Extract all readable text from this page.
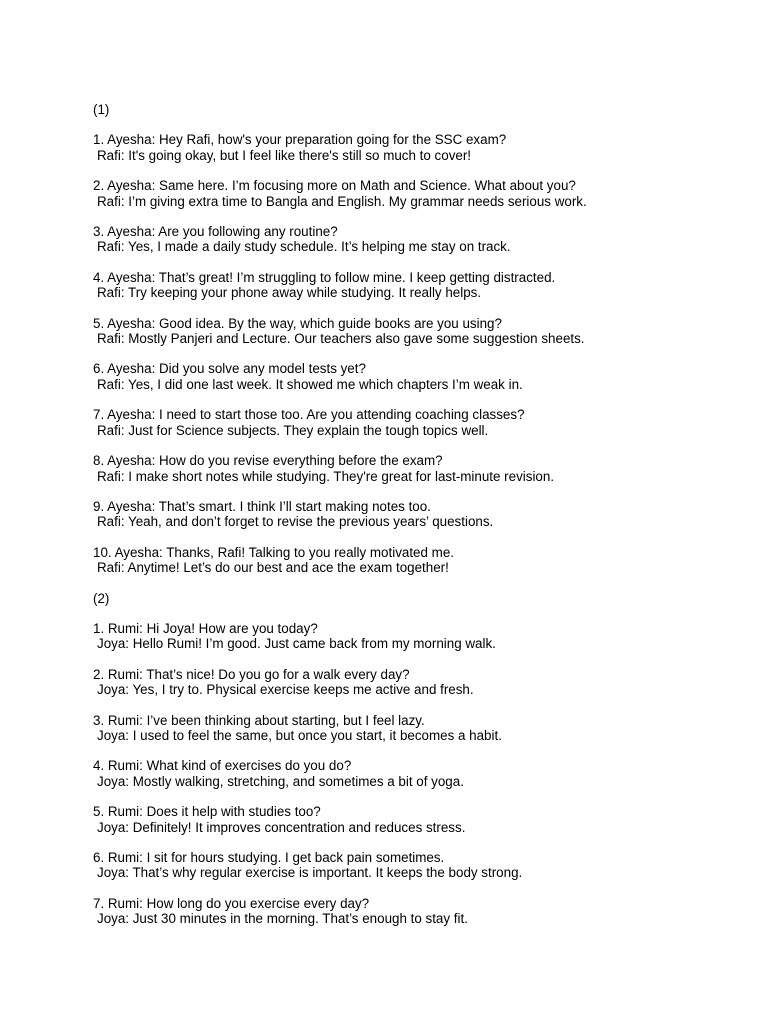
(1)
1. Ayesha: Hey Rafi, how's your preparation going for the SSC exam?
Rafi: It's going okay, but I feel like there's still so much to cover!
2. Ayesha: Same here. I’m focusing more on Math and Science. What about you?
Rafi: I’m giving extra time to Bangla and English. My grammar needs serious work.
3. Ayesha: Are you following any routine?
Rafi: Yes, I made a daily study schedule. It’s helping me stay on track.
4. Ayesha: That’s great! I’m struggling to follow mine. I keep getting distracted.
Rafi: Try keeping your phone away while studying. It really helps.
5. Ayesha: Good idea. By the way, which guide books are you using?
Rafi: Mostly Panjeri and Lecture. Our teachers also gave some suggestion sheets.
6. Ayesha: Did you solve any model tests yet?
Rafi: Yes, I did one last week. It showed me which chapters I’m weak in.
7. Ayesha: I need to start those too. Are you attending coaching classes?
Rafi: Just for Science subjects. They explain the tough topics well.
8. Ayesha: How do you revise everything before the exam?
Rafi: I make short notes while studying. They're great for last-minute revision.
9. Ayesha: That’s smart. I think I’ll start making notes too.
Rafi: Yeah, and don’t forget to revise the previous years’ questions.
10. Ayesha: Thanks, Rafi! Talking to you really motivated me.
Rafi: Anytime! Let’s do our best and ace the exam together!
(2)
1. Rumi: Hi Joya! How are you today?
Joya: Hello Rumi! I’m good. Just came back from my morning walk.
2. Rumi: That’s nice! Do you go for a walk every day?
Joya: Yes, I try to. Physical exercise keeps me active and fresh.
3. Rumi: I’ve been thinking about starting, but I feel lazy.
Joya: I used to feel the same, but once you start, it becomes a habit.
4. Rumi: What kind of exercises do you do?
Joya: Mostly walking, stretching, and sometimes a bit of yoga.
5. Rumi: Does it help with studies too?
Joya: Definitely! It improves concentration and reduces stress.
6. Rumi: I sit for hours studying. I get back pain sometimes.
Joya: That’s why regular exercise is important. It keeps the body strong.
7. Rumi: How long do you exercise every day?
Joya: Just 30 minutes in the morning. That’s enough to stay fit.
